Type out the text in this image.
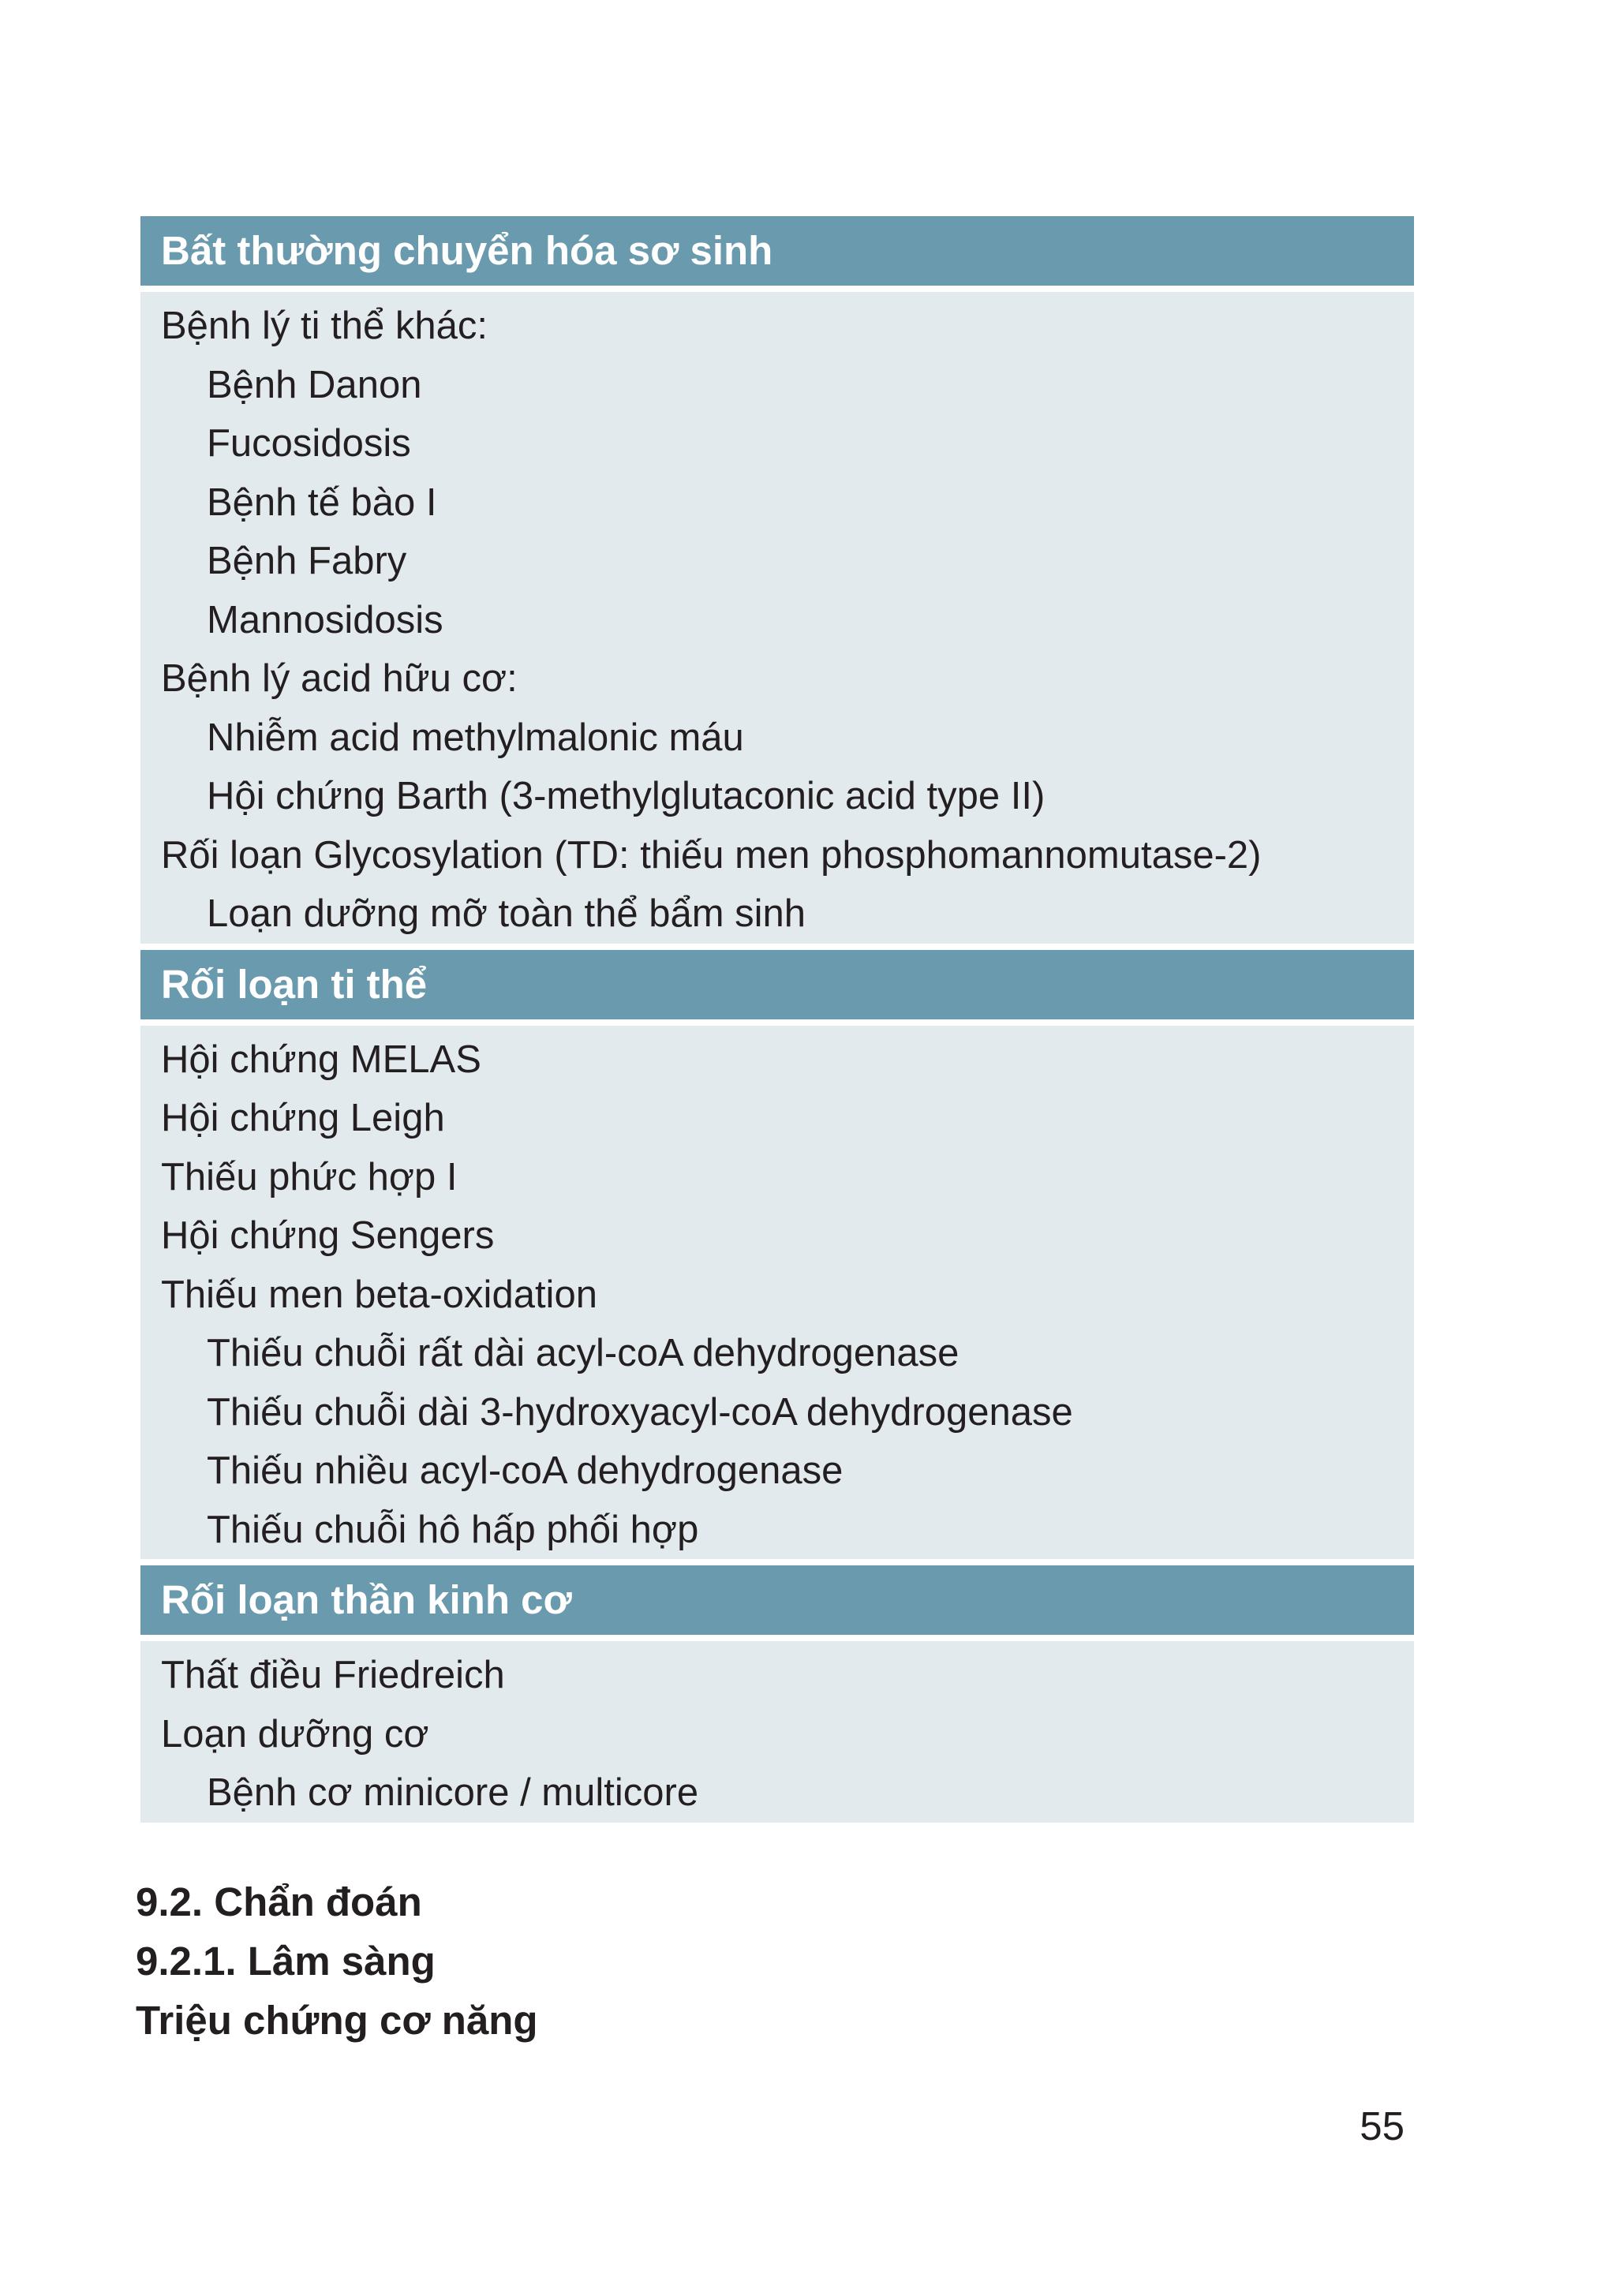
Bất thường chuyển hóa sơ sinh
Bệnh lý ti thể khác:
Bệnh Danon
Fucosidosis
Bệnh tế bào I
Bệnh Fabry
Mannosidosis
Bệnh lý acid hữu cơ:
Nhiễm acid methylmalonic máu
Hội chứng Barth (3-methylglutaconic acid type II)
Rối loạn Glycosylation (TD: thiếu men phosphomannomutase-2)
Loạn dưỡng mỡ toàn thể bẩm sinh
Rối loạn ti thể
Hội chứng MELAS
Hội chứng Leigh
Thiếu phức hợp I
Hội chứng Sengers
Thiếu men beta-oxidation
Thiếu chuỗi rất dài acyl-coA dehydrogenase
Thiếu chuỗi dài 3-hydroxyacyl-coA dehydrogenase
Thiếu nhiều acyl-coA dehydrogenase
Thiếu chuỗi hô hấp phối hợp
Rối loạn thần kinh cơ
Thất điều Friedreich
Loạn dưỡng cơ
Bệnh cơ minicore / multicore
9.2. Chẩn đoán
9.2.1. Lâm sàng
Triệu chứng cơ năng
55
